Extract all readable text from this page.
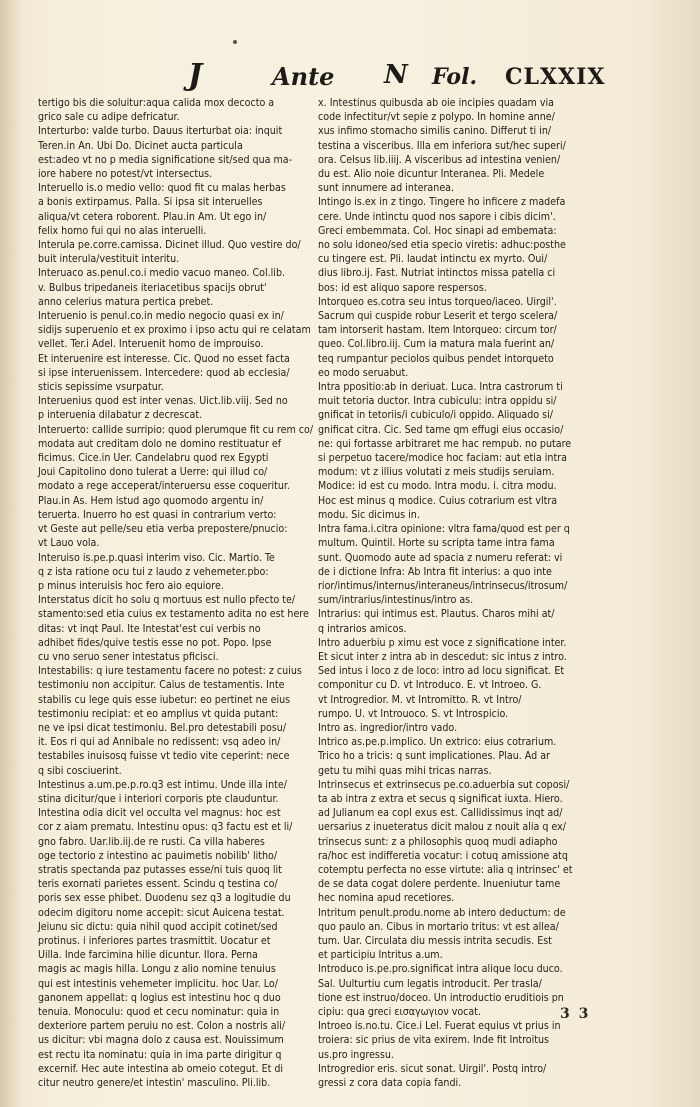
J	Ante N Fol. CLXXIX

tertigo bis die soluitur:aqua calida mox decocto a
grico sale cu adipe defricatur.

Interturbo: valde turbo. Dauus iterturbat oia: inquit
Teren.in An. Ubi Do. Dicinet aucta particula
est:adeo vt no p media significatione sit/sed qua ma-
iore habere no potest/vt intersectus.

Interuello is.o medio vello: quod fit cu malas herbas
a bonis extirpamus. Palla. Si ipsa sit interuelles
aliqua/vt cetera roborent. Plau.in Am. Ut ego in/
felix homo fui qui no alas interuelli.

Interula pe.corre.camissa. Dicinet illud. Quo vestire do/
buit interula/vestituit interitu.

Interuaco as.penul.co.i medio vacuo maneo. Col.lib.
v. Bulbus tripedaneis iteriacetibus spacijs obrut'
anno celerius matura pertica prebet.

Interuenio is penul.co.in medio negocio quasi ex in/
sidijs superuenio et ex proximo i ipso actu qui re celatam
vellet. Ter.i Adel. Interuenit homo de improuiso.
Et interuenire est interesse. Cic. Quod no esset facta
si ipse interuenissem. Intercedere: quod ab ecclesia/
sticis sepissime vsurpatur.

Interuenius quod est inter venas. Uict.lib.viij. Sed no
p interuenia dilabatur z decrescat.

Interuerto: callide surripio: quod plerumque fit cu rem co/
modata aut creditam dolo ne domino restituatur ef
ficimus. Cice.in Uer. Candelabru quod rex Egypti
Joui Capitolino dono tulerat a Uerre: qui illud co/
modato a rege acceperat/interuersu esse coqueritur.
Plau.in As. Hem istud ago quomodo argentu in/
teruerta. Inuerro ho est quasi in contrarium verto:
vt Geste aut pelle/seu etia verba prepostere/pnucio:
vt Lauo vola.

Interuiso is.pe.p.quasi interim viso. Cic. Martio. Te
q z ista ratione ocu tui z laudo z vehemeter.pbo:
p minus interuisis hoc fero aio equiore.

Interstatus dicit ho solu q mortuus est nullo pfecto te/
stamento:sed etia cuius ex testamento adita no est here
ditas: vt inqt Paul. Ite Intestat'est cui verbis no
adhibet fides/quive testis esse no pot. Popo. Ipse
cu vno seruo sener intestatus pficisci.

Intestabilis: q iure testamentu facere no potest: z cuius
testimoniu non accipitur. Caius de testamentis. Inte
stabilis cu lege quis esse iubetur: eo pertinet ne eius
testimoniu recipiat: et eo amplius vt quida putant:
ne ve ipsi dicat testimoniu. Bel.pro detestabili posu/
it. Eos ri qui ad Annibale no redissent: vsq adeo in/
testabiles inuisosq fuisse vt tedio vite ceperint: nece
q sibi cosciuerint.

Intestinus a.um.pe.p.ro.q3 est intimu. Unde illa inte/
stina dicitur/que i interiori corporis pte clauduntur.
Intestina odia dicit vel occulta vel magnus: hoc est
cor z aiam prematu. Intestinu opus: q3 factu est et li/
gno fabro. Uar.lib.iij.de re rusti. Ca villa haberes
oge tectorio z intestino ac pauimetis nobilib' litho/
stratis spectanda paz putasses esse/ni tuis quoq lit
teris exornati parietes essent. Scindu q testina co/
poris sex esse phibet. Duodenu sez q3 a logitudie du
odecim digitoru nome accepit: sicut Auicena testat.
Jeiunu sic dictu: quia nihil quod accipit cotinet/sed
protinus. i inferiores partes trasmittit. Uocatur et
Uilla. Inde farcimina hilie dicuntur. Ilora. Perna
magis ac magis hilla. Longu z alio nomine tenuius
qui est intestinis vehemeter implicitu. hoc Uar. Lo/
ganonem appellat: q logius est intestinu hoc q duo
tenuia. Monoculu: quod et cecu nominatur: quia in
dexteriore partem peruiu no est. Colon a nostris ali/
us dicitur: vbi magna dolo z causa est. Nouissimum
est rectu ita nominatu: quia in ima parte dirigitur q
excernif. Hec aute intestina ab omeio cotegut. Et di
citur neutro genere/et intestin' masculino. Pli.lib.

x. Intestinus quibusda ab oie incipies quadam via
code infectitur/vt sepie z polypo. In homine anne/
xus infimo stomacho similis canino. Differut ti in/
testina a visceribus. Illa em inferiora sut/hec superi/
ora. Celsus lib.iiij. A visceribus ad intestina venien/
du est. Alio noie dicuntur Interanea. Pli. Medele
sunt innumere ad interanea.

Intingo is.ex in z tingo. Tingere ho inficere z madefa
cere. Unde intinctu quod nos sapore i cibis dicim'.
Greci embemmata. Col. Hoc sinapi ad embemata:
no solu idoneo/sed etia specio viretis: adhuc:posthe
cu tingere est. Pli. laudat intinctu ex myrto. Oui/
dius libro.ij. Fast. Nutriat intinctos missa patella ci
bos: id est aliquo sapore respersos.

Intorqueo es.cotra seu intus torqueo/iaceo. Uirgil'.
Sacrum qui cuspide robur Leserit et tergo scelera/
tam intorserit hastam. Item Intorqueo: circum tor/
queo. Col.libro.iij. Cum ia matura mala fuerint an/
teq rumpantur peciolos quibus pendet intorqueto
eo modo seruabut.

Intra ppositio:ab in deriuat. Luca. Intra castrorum ti
muit tetoria ductor. Intra cubiculu: intra oppidu si/
gnificat in tetoriis/i cubiculo/i oppido. Aliquado si/
gnificat citra. Cic. Sed tame qm effugi eius occasio/
ne: qui fortasse arbitraret me hac rempub. no putare
si perpetuo tacere/modice hoc faciam: aut etia intra
modum: vt z illius volutati z meis studijs seruiam.
Modice: id est cu modo. Intra modu. i. citra modu.
Hoc est minus q modice. Cuius cotrarium est vltra
modu. Sic dicimus in.

Intra fama.i.citra opinione: vltra fama/quod est per q
multum. Quintil. Horte su scripta tame intra fama
sunt. Quomodo aute ad spacia z numeru referat: vi
de i dictione Infra: Ab Intra fit interius: a quo inte
rior/intimus/internus/interaneus/intrinsecus/itrosum/
sum/intrarius/intestinus/intro as.

Intrarius: qui intimus est. Plautus. Charos mihi at/
q intrarios amicos.

Intro aduerbiu p ximu est voce z significatione inter.
Et sicut inter z intra ab in descedut: sic intus z intro.
Sed intus i loco z de loco: intro ad locu significat. Et
componitur cu D. vt Introduco. E. vt Introeo. G.
vt Introgredior. M. vt Intromitto. R. vt Intro/
rumpo. U. vt Introuoco. S. vt Introspicio.

Intro as. ingredior/intro vado.

Intrico as.pe.p.implico. Un extrico: eius cotrarium.
Trico ho a tricis: q sunt implicationes. Plau. Ad ar
getu tu mihi quas mihi tricas narras.

Intrinsecus et extrinsecus pe.co.aduerbia sut coposi/
ta ab intra z extra et secus q significat iuxta. Hiero.
ad Julianum ea copl exus est. Callidissimus inqt ad/
uersarius z inueteratus dicit malou z nouit alia q ex/
trinsecus sunt: z a philosophis quoq mudi adiapho
ra/hoc est indifferetia vocatur: i cotuq amissione atq
cotemptu perfecta no esse virtute: alia q intrinsec' et
de se data cogat dolere perdente. Inueniutur tame
hec nomina apud recetiores.

Intritum penult.produ.nome ab intero deductum: de
quo paulo an. Cibus in mortario tritus: vt est allea/
tum. Uar. Circulata diu messis intrita secudis. Est
et participiu Intritus a.um.

Introduco is.pe.pro.significat intra alique locu duco.
Sal. Uulturtiu cum legatis introducit. Per trasla/
tione est instruo/doceo. Un introductio eruditiois pn
cipiu: qua greci εισαγωγιον vocat.

Introeo is.no.tu. Cice.i Lel. Fuerat equius vt prius in
troiera: sic prius de vita exirem. Inde fit Introitus
us.pro ingressu.

Introgredior eris. sicut sonat. Uirgil'. Postq intro/
gressi z cora data copia fandi.

3 3
